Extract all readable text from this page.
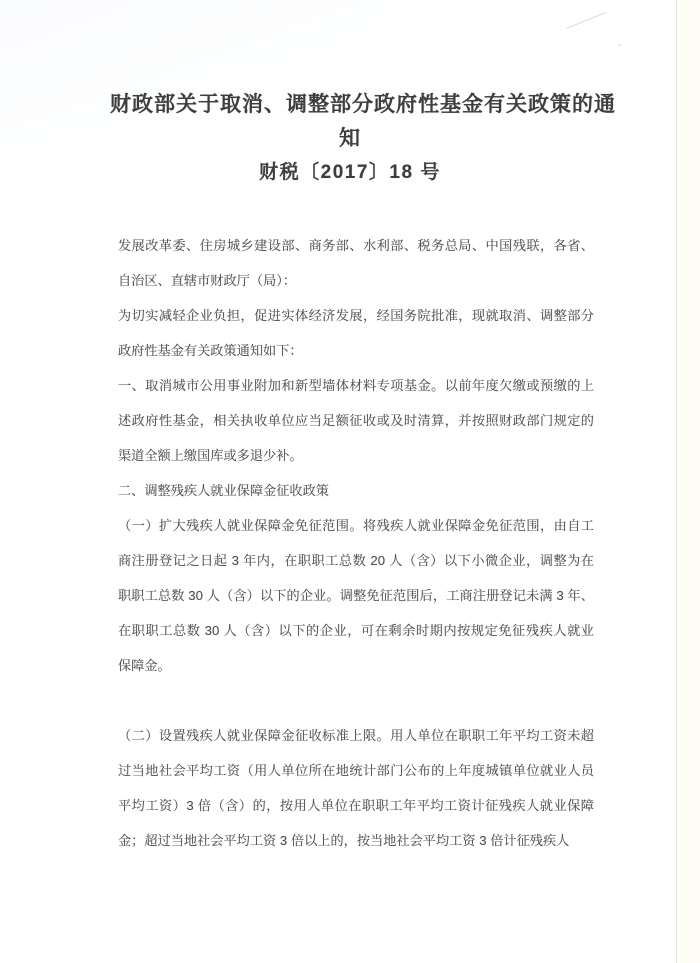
财政部关于取消、调整部分政府性基金有关政策的通
知
财税〔2017〕18 号

发展改革委、住房城乡建设部、商务部、水利部、税务总局、中国残联，各省、
自治区、直辖市财政厅（局）：

为切实减轻企业负担，促进实体经济发展，经国务院批准，现就取消、调整部分
政府性基金有关政策通知如下：

一、取消城市公用事业附加和新型墙体材料专项基金。以前年度欠缴或预缴的上
述政府性基金，相关执收单位应当足额征收或及时清算，并按照财政部门规定的
渠道全额上缴国库或多退少补。

二、调整残疾人就业保障金征收政策

（一）扩大残疾人就业保障金免征范围。将残疾人就业保障金免征范围，由自工
商注册登记之日起 3 年内，在职职工总数 20 人（含）以下小微企业，调整为在
职职工总数 30 人（含）以下的企业。调整免征范围后，工商注册登记未满 3 年、
在职职工总数 30 人（含）以下的企业，可在剩余时期内按规定免征残疾人就业
保障金。

（二）设置残疾人就业保障金征收标准上限。用人单位在职职工年平均工资未超
过当地社会平均工资（用人单位所在地统计部门公布的上年度城镇单位就业人员
平均工资）3 倍（含）的，按用人单位在职职工年平均工资计征残疾人就业保障
金；超过当地社会平均工资 3 倍以上的，按当地社会平均工资 3 倍计征残疾人
